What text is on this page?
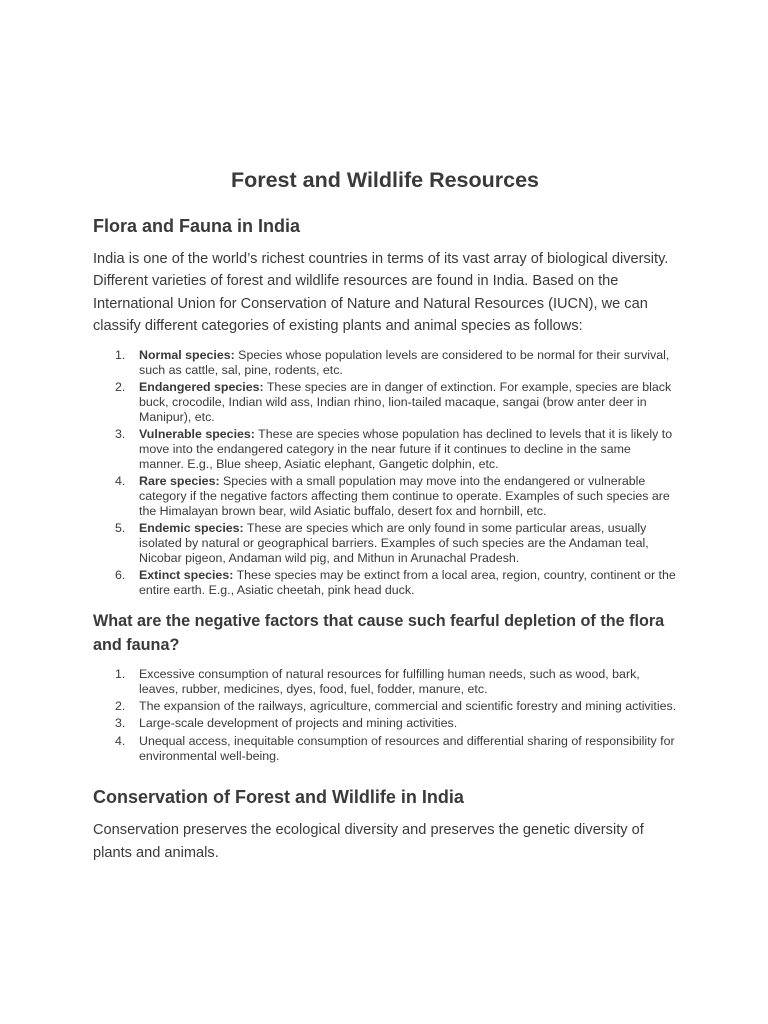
Forest and Wildlife Resources
Flora and Fauna in India

India is one of the world’s richest countries in terms of its vast array of biological diversity. Different varieties of forest and wildlife resources are found in India. Based on the International Union for Conservation of Nature and Natural Resources (IUCN), we can classify different categories of existing plants and animal species as follows:

1. Normal species: Species whose population levels are considered to be normal for their survival, such as cattle, sal, pine, rodents, etc.
2. Endangered species: These species are in danger of extinction. For example, species are black buck, crocodile, Indian wild ass, Indian rhino, lion-tailed macaque, sangai (brow anter deer in Manipur), etc.
3. Vulnerable species: These are species whose population has declined to levels that it is likely to move into the endangered category in the near future if it continues to decline in the same manner. E.g., Blue sheep, Asiatic elephant, Gangetic dolphin, etc.
4. Rare species: Species with a small population may move into the endangered or vulnerable category if the negative factors affecting them continue to operate. Examples of such species are the Himalayan brown bear, wild Asiatic buffalo, desert fox and hornbill, etc.
5. Endemic species: These are species which are only found in some particular areas, usually isolated by natural or geographical barriers. Examples of such species are the Andaman teal, Nicobar pigeon, Andaman wild pig, and Mithun in Arunachal Pradesh.
6. Extinct species: These species may be extinct from a local area, region, country, continent or the entire earth. E.g., Asiatic cheetah, pink head duck.
What are the negative factors that cause such fearful depletion of the flora and fauna?
1. Excessive consumption of natural resources for fulfilling human needs, such as wood, bark, leaves, rubber, medicines, dyes, food, fuel, fodder, manure, etc.
2. The expansion of the railways, agriculture, commercial and scientific forestry and mining activities.
3. Large-scale development of projects and mining activities.
4. Unequal access, inequitable consumption of resources and differential sharing of responsibility for environmental well-being.
Conservation of Forest and Wildlife in India

Conservation preserves the ecological diversity and preserves the genetic diversity of plants and animals.
